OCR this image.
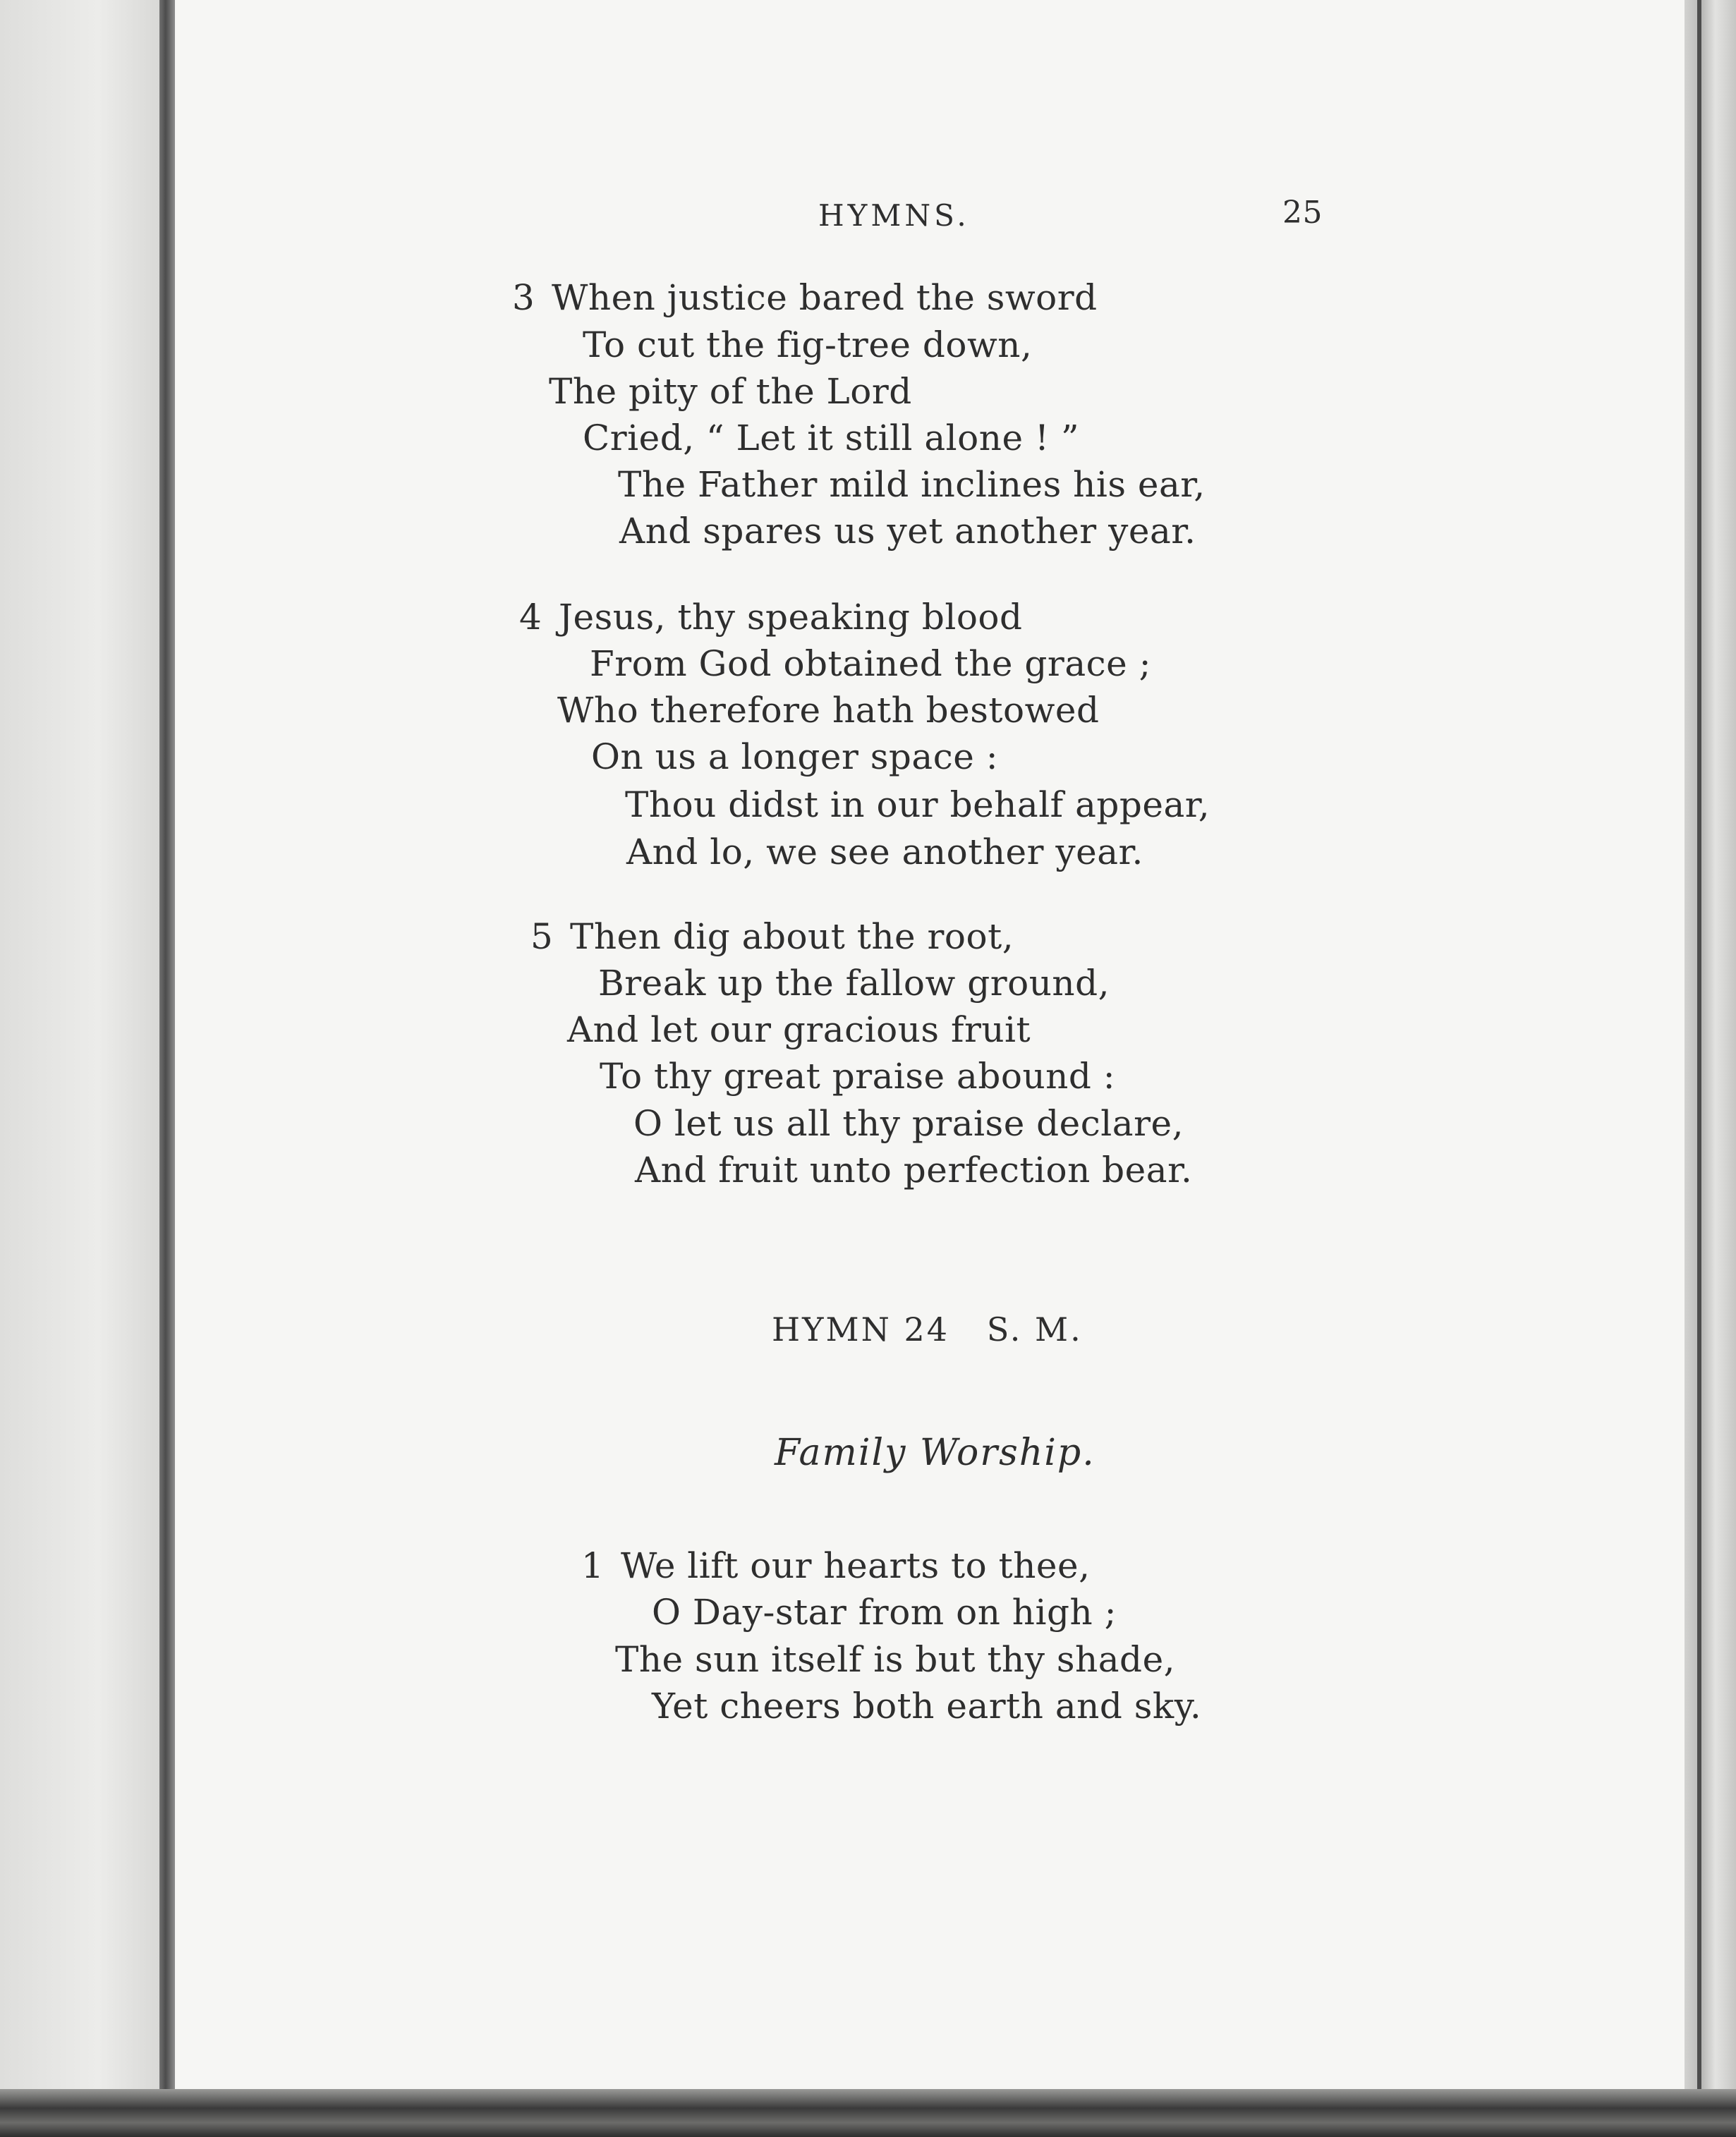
HYMNS.	25
3 When justice bared the sword
To cut the fig-tree down,
The pity of the Lord
Cried, “ Let it still alone ! ”
The Father mild inclines his ear,
And spares us yet another year.
4 Jesus, thy speaking blood
From God obtained the grace ;
Who therefore hath bestowed
On us a longer space :
Thou didst in our behalf appear,
And lo, we see another year.
5 Then dig about the root,
Break up the fallow ground,
And let our gracious fruit
To thy great praise abound :
O let us all thy praise declare,
And fruit unto perfection bear.
HYMN 24   S. M.
Family Worship.
1 We lift our hearts to thee,
O Day-star from on high ;
The sun itself is but thy shade,
Yet cheers both earth and sky.
